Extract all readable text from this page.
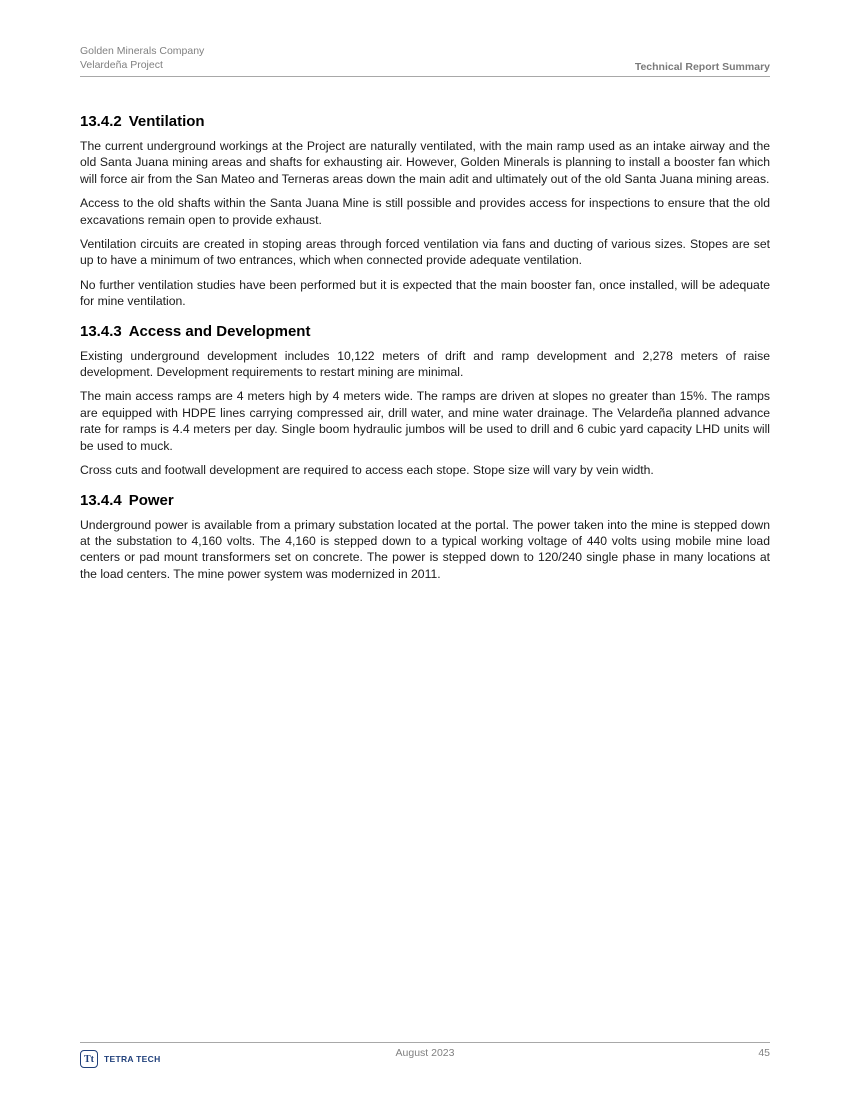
Golden Minerals Company
Velardeña Project	Technical Report Summary
13.4.2 Ventilation

The current underground workings at the Project are naturally ventilated, with the main ramp used as an intake airway and the old Santa Juana mining areas and shafts for exhausting air. However, Golden Minerals is planning to install a booster fan which will force air from the San Mateo and Terneras areas down the main adit and ultimately out of the old Santa Juana mining areas.

Access to the old shafts within the Santa Juana Mine is still possible and provides access for inspections to ensure that the old excavations remain open to provide exhaust.

Ventilation circuits are created in stoping areas through forced ventilation via fans and ducting of various sizes. Stopes are set up to have a minimum of two entrances, which when connected provide adequate ventilation.

No further ventilation studies have been performed but it is expected that the main booster fan, once installed, will be adequate for mine ventilation.

13.4.3 Access and Development

Existing underground development includes 10,122 meters of drift and ramp development and 2,278 meters of raise development. Development requirements to restart mining are minimal.

The main access ramps are 4 meters high by 4 meters wide. The ramps are driven at slopes no greater than 15%. The ramps are equipped with HDPE lines carrying compressed air, drill water, and mine water drainage. The Velardeña planned advance rate for ramps is 4.4 meters per day. Single boom hydraulic jumbos will be used to drill and 6 cubic yard capacity LHD units will be used to muck.

Cross cuts and footwall development are required to access each stope. Stope size will vary by vein width.

13.4.4 Power

Underground power is available from a primary substation located at the portal. The power taken into the mine is stepped down at the substation to 4,160 volts. The 4,160 is stepped down to a typical working voltage of 440 volts using mobile mine load centers or pad mount transformers set on concrete. The power is stepped down to 120/240 single phase in many locations at the load centers. The mine power system was modernized in 2011.

Tt	TETRA TECH	August 2023	45
